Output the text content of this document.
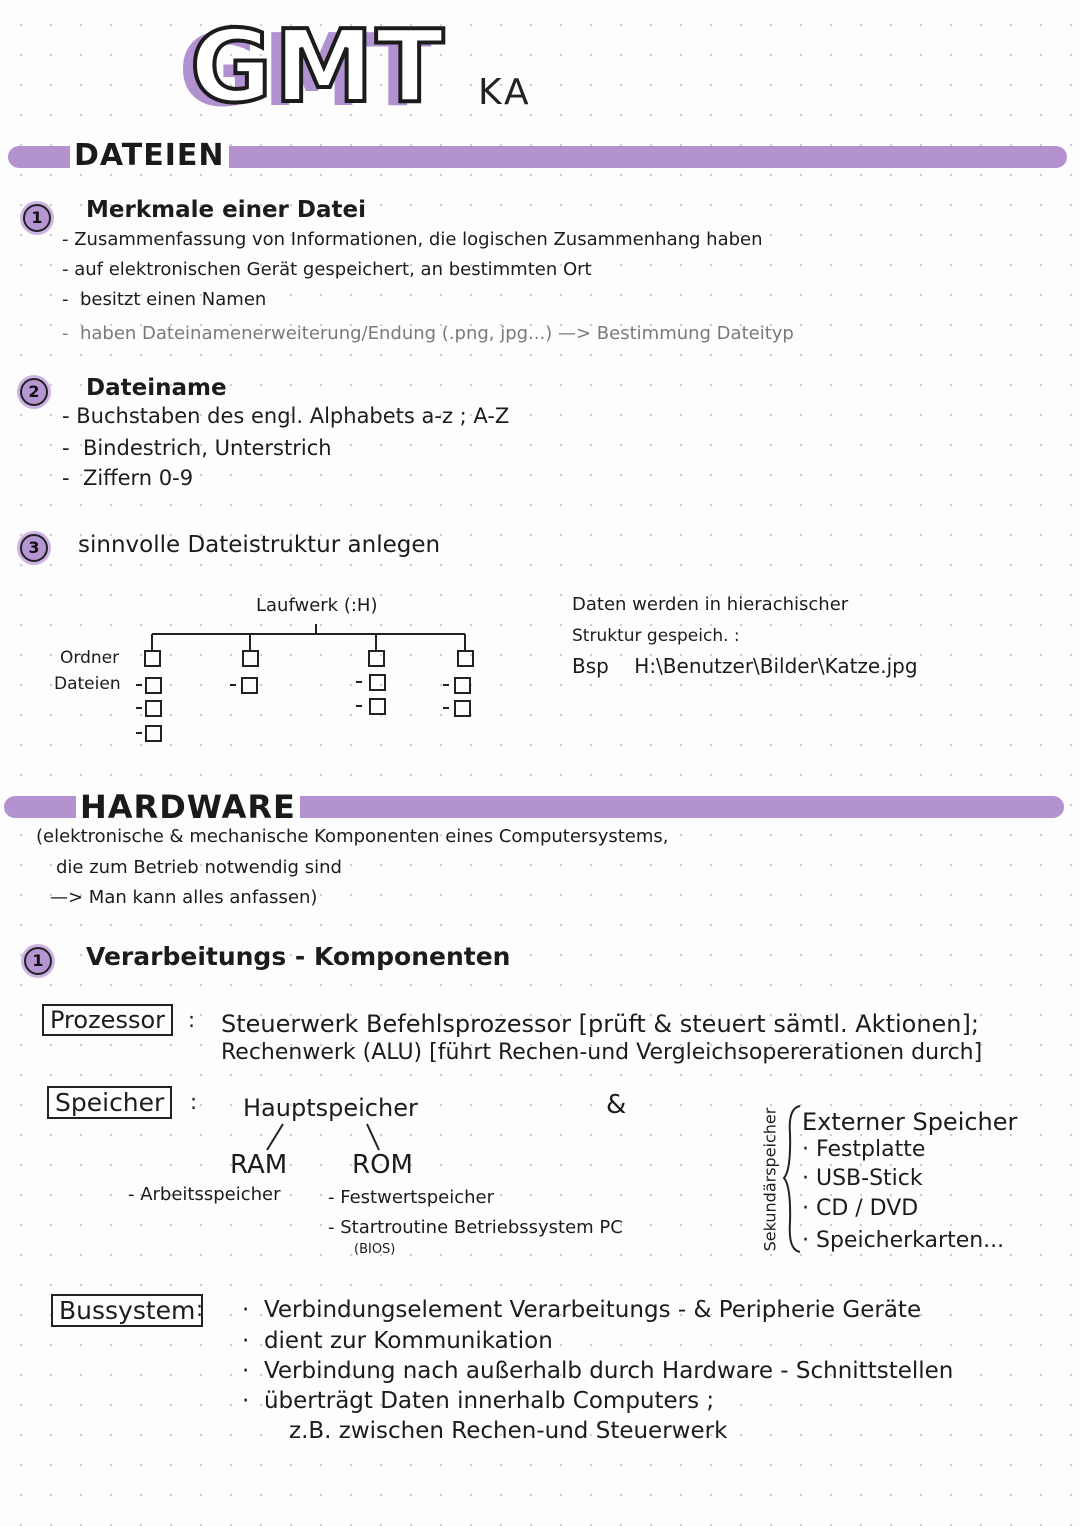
GMT KA
DATEIEN
1	Merkmale einer Datei
- Zusammenfassung von Informationen, die logischen Zusammenhang haben
- auf elektronischen Gerät gespeichert, an bestimmten Ort
-  besitzt einen Namen
-  haben Dateinamenerweiterung/Endung (.png, jpg...) —> Bestimmung Dateityp
2	Dateiname
- Buchstaben des engl. Alphabets a-z ; A-Z
-  Bindestrich, Unterstrich
-  Ziffern 0-9
3	sinnvolle Dateistruktur anlegen
Laufwerk (:H)
Ordner
Dateien
Daten werden in hierachischer
Struktur gespeich. :
Bsp H:\Benutzer\Bilder\Katze.jpg
HARDWARE
(elektronische & mechanische Komponenten eines Computersystems,
die zum Betrieb notwendig sind
—> Man kann alles anfassen)
1	Verarbeitungs - Komponenten
Prozessor	: Steuerwerk Befehlsprozessor [prüft & steuert sämtl. Aktionen];
Rechenwerk (ALU) [führt Rechen-und Vergleichsopererationen durch]
Speicher	: Hauptspeicher	&
RAM ROM
- Arbeitsspeicher	- Festwertspeicher
- Startroutine Betriebssystem PC
(BIOS)	Sekundärspeicher Externer Speicher
· Festplatte
· USB-Stick
· CD / DVD
· Speicherkarten...
Bussystem : ·  Verbindungselement Verarbeitungs - & Peripherie Geräte
·  dient zur Kommunikation
·  Verbindung nach außerhalb durch Hardware - Schnittstellen
·  überträgt Daten innerhalb Computers ;
z.B. zwischen Rechen-und Steuerwerk
